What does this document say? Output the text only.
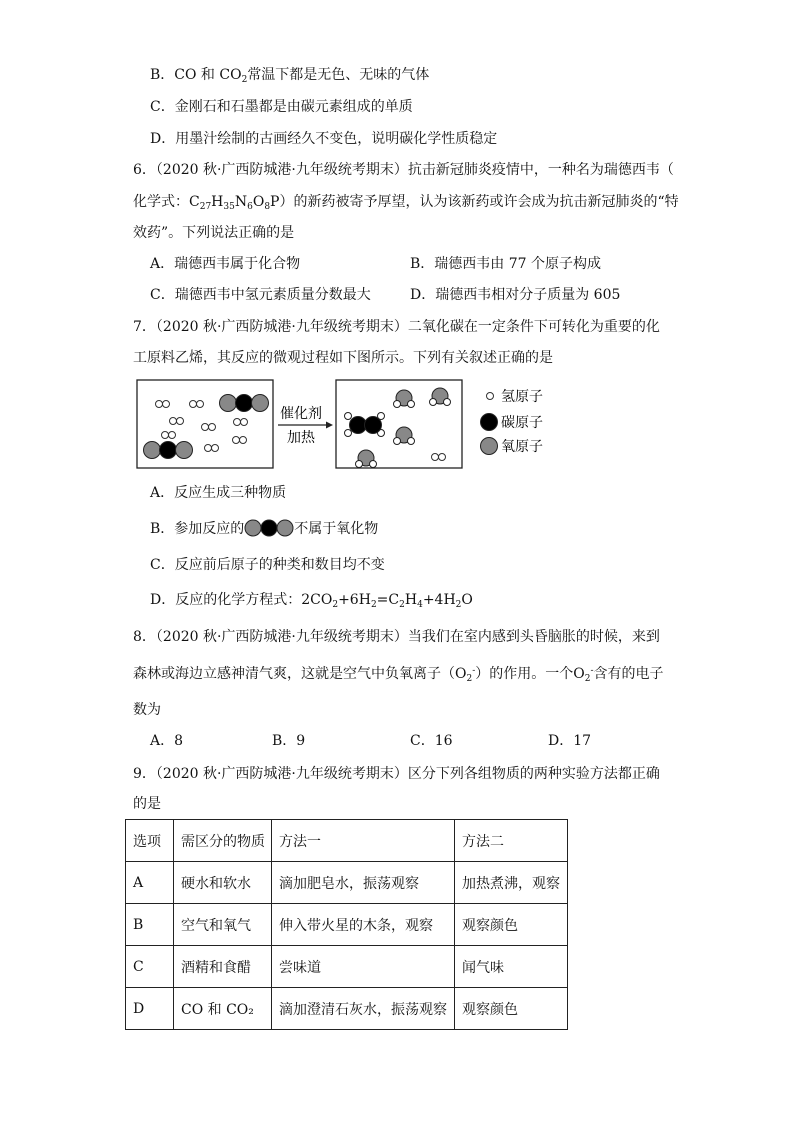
B．CO 和 $CO_2$常温下都是无色、无味的气体
C．金刚石和石墨都是由碳元素组成的单质
D．用墨汁绘制的古画经久不变色，说明碳化学性质稳定
6．（2020 秋·广西防城港·九年级统考期末）抗击新冠肺炎疫情中，一种名为瑞德西韦（
化学式：$C_{27}H_{35}N_6O_8P$）的新药被寄予厚望，认为该新药或许会成为抗击新冠肺炎的“特
效药”。下列说法正确的是
A．瑞德西韦属于化合物	B．瑞德西韦由 77 个原子构成
C．瑞德西韦中氢元素质量分数最大	D．瑞德西韦相对分子质量为 605
7．（2020 秋·广西防城港·九年级统考期末）二氧化碳在一定条件下可转化为重要的化
工原料乙烯，其反应的微观过程如下图所示。下列有关叙述正确的是
催化剂
加热
氢原子
碳原子
氧原子
A．反应生成三种物质
B．参加反应的	不属于氧化物
C．反应前后原子的种类和数目均不变
D．反应的化学方程式：$2CO_2+6H_2=C_2H_4+4H_2O$
8．（2020 秋·广西防城港·九年级统考期末）当我们在室内感到头昏脑胀的时候，来到
森林或海边立感神清气爽，这就是空气中负氧离子$(O_2^-)$的作用。一个$O_2^-$含有的电子
数为
A．8	B．9	C．16	D．17
9．（2020 秋·广西防城港·九年级统考期末）区分下列各组物质的两种实验方法都正确
的是
选项	需区分的物质	方法一	方法二
A	硬水和软水	滴加肥皂水，振荡观察	加热煮沸，观察
B	空气和氧气	伸入带火星的木条，观察	观察颜色
C	酒精和食醋	尝味道	闻气味
D	CO 和 CO₂	滴加澄清石灰水，振荡观察	观察颜色
